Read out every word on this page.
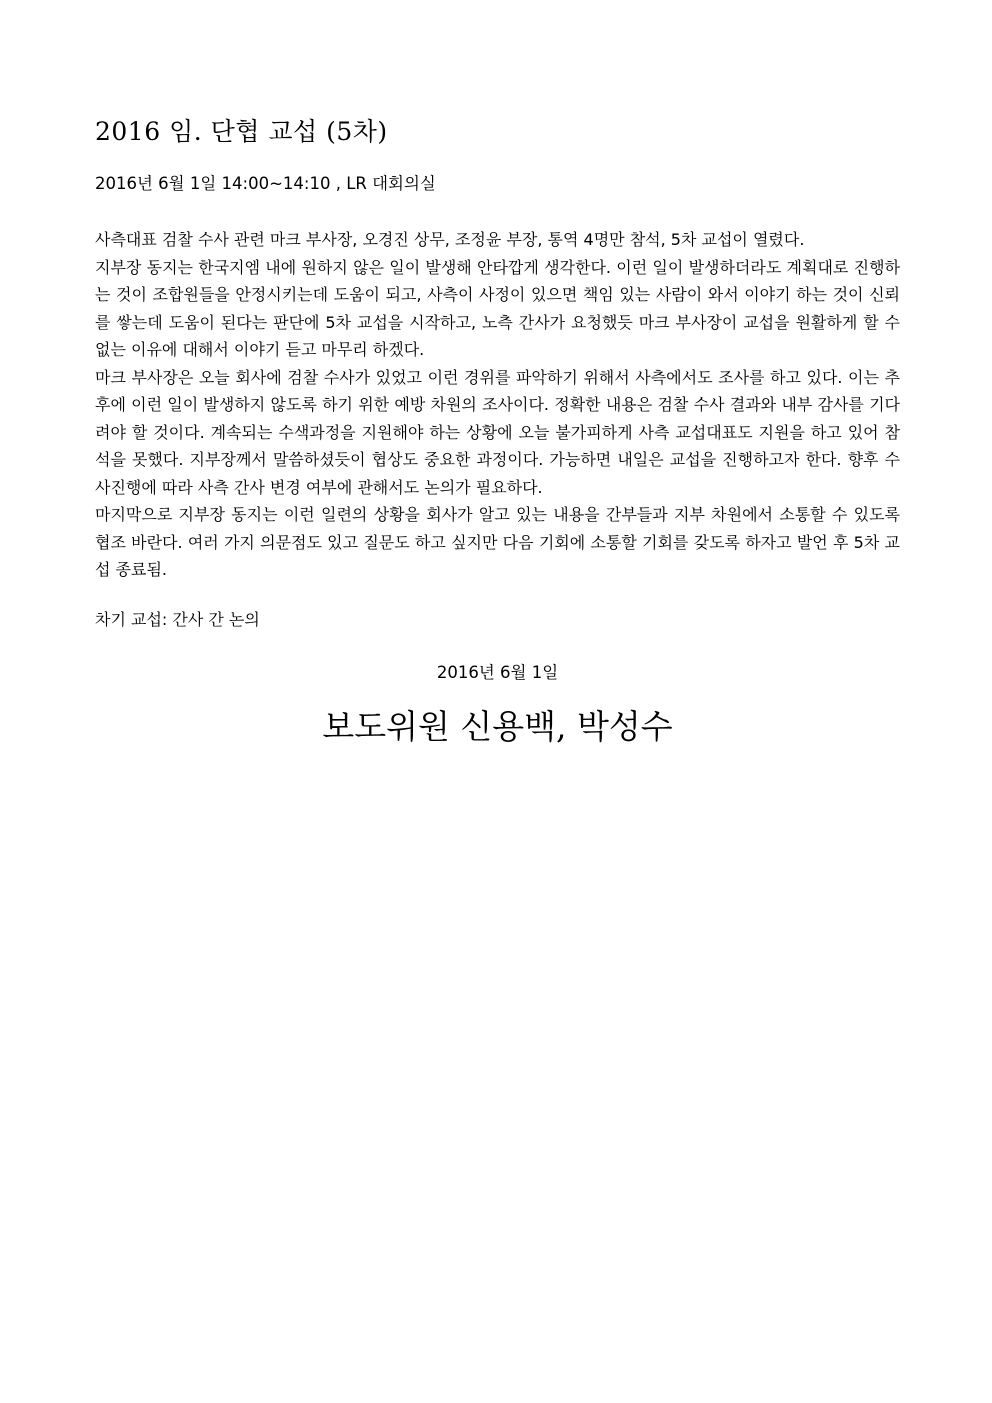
2016 임. 단협 교섭 (5차)
2016년 6월 1일 14:00~14:10 , LR 대회의실

사측대표 검찰 수사 관련 마크 부사장, 오경진 상무, 조정윤 부장, 통역 4명만 참석, 5차 교섭이 열렸다.

지부장 동지는 한국지엠 내에 원하지 않은 일이 발생해 안타깝게 생각한다. 이런 일이 발생하더라도 계획대로 진행하는 것이 조합원들을 안정시키는데 도움이 되고, 사측이 사정이 있으면 책임 있는 사람이 와서 이야기 하는 것이 신뢰를 쌓는데 도움이 된다는 판단에 5차 교섭을 시작하고, 노측 간사가 요청했듯 마크 부사장이 교섭을 원활하게 할 수 없는 이유에 대해서 이야기 듣고 마무리 하겠다.

마크 부사장은 오늘 회사에 검찰 수사가 있었고 이런 경위를 파악하기 위해서 사측에서도 조사를 하고 있다. 이는 추후에 이런 일이 발생하지 않도록 하기 위한 예방 차원의 조사이다. 정확한 내용은 검찰 수사 결과와 내부 감사를 기다려야 할 것이다. 계속되는 수색과정을 지원해야 하는 상황에 오늘 불가피하게 사측 교섭대표도 지원을 하고 있어 참석을 못했다. 지부장께서 말씀하셨듯이 협상도 중요한 과정이다. 가능하면 내일은 교섭을 진행하고자 한다. 향후 수사진행에 따라 사측 간사 변경 여부에 관해서도 논의가 필요하다.

마지막으로 지부장 동지는 이런 일련의 상황을 회사가 알고 있는 내용을 간부들과 지부 차원에서 소통할 수 있도록 협조 바란다. 여러 가지 의문점도 있고 질문도 하고 싶지만 다음 기회에 소통할 기회를 갖도록 하자고 발언 후 5차 교섭 종료됨.

차기 교섭: 간사 간 논의
2016년 6월 1일
보도위원 신용백, 박성수
